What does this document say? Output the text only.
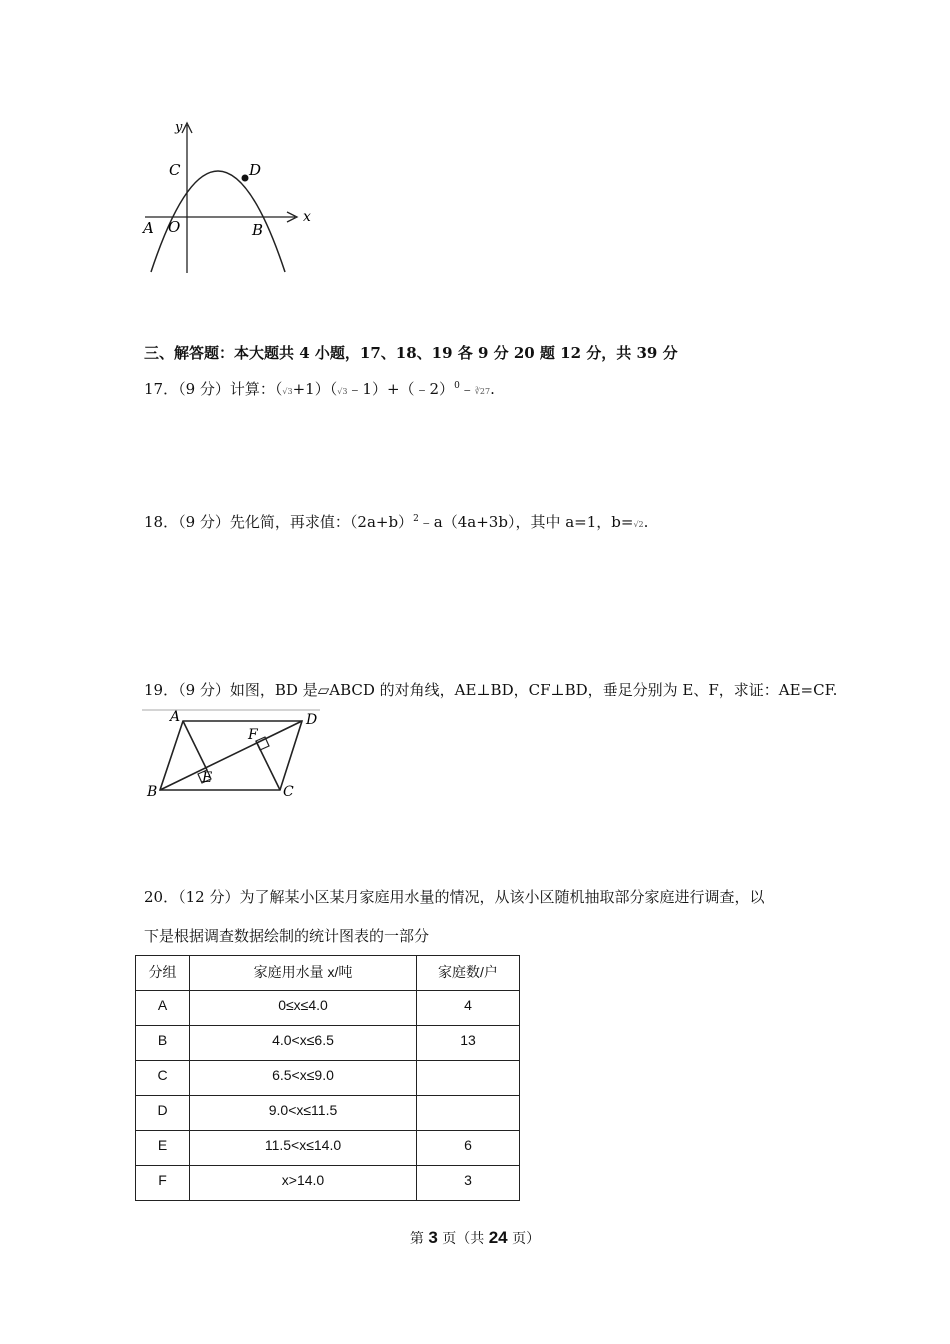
y
x
C	D
A O	B
三、解答题：本大题共 4 小题，17、18、19 各 9 分 20 题 12 分，共 39 分
17．（9 分）计算：（√3+1）（√3﹣1）+（﹣2）$^0$﹣∛27.
18．（9 分）先化简，再求值：$(2a+b)^2﹣a(4a+3b)$，其中 a=1，b=√2.
19．（9 分）如图，BD 是▱ABCD 的对角线，AE⊥BD，CF⊥BD，垂足分别为 E、F，求证：AE=CF.
A	D
F
E
B	C
20．（12 分）为了解某小区某月家庭用水量的情况，从该小区随机抽取部分家庭进行调查，以
下是根据调查数据绘制的统计图表的一部分
分组	家庭用水量 x/吨	家庭数/户

A	0≤x≤4.0	4

B	4.0<x≤6.5	13

C	6.5<x≤9.0	

D	9.0<x≤11.5	

E	11.5<x≤14.0	6

F	x>14.0	3
第 3 页（共 24 页）
